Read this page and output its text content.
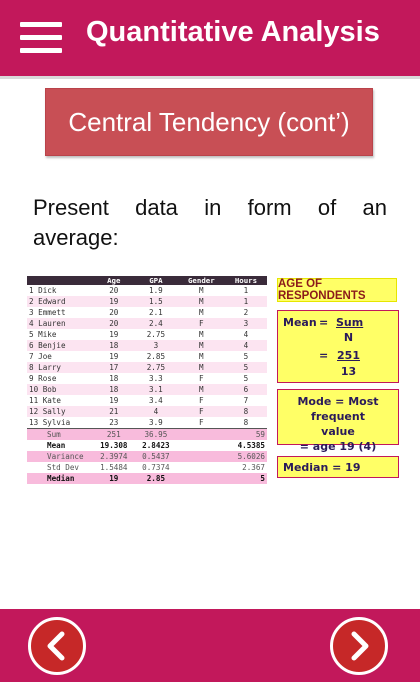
Quantitative Analysis
Central Tendency (cont’)
Present data in form of an
average:
	Age	GPA	Gender	Hours
1 Dick	20	1.9	M	1
2 Edward	19	1.5	M	1
3 Emmett	20	2.1	M	2
4 Lauren	20	2.4	F	3
5 Mike	19	2.75	M	4
6 Benjie	18	3	M	4
7 Joe	19	2.85	M	5
8 Larry	17	2.75	M	5
9 Rose	18	3.3	F	5
10 Bob	18	3.1	M	6
11 Kate	19	3.4	F	7
12 Sally	21	4	F	8
13 Sylvia	23	3.9	F	8
Sum	251	36.95		59
Mean	19.308	2.8423		4.5385
Variance	2.3974	0.5437		5.6026
Std Dev	1.5484	0.7374		2.367
Median	19	2.85		5
AGE OF RESPONDENTS
Mean = Sum
N
= 251
13
Mode = Most frequent
value
= age 19 (4)
Median = 19
